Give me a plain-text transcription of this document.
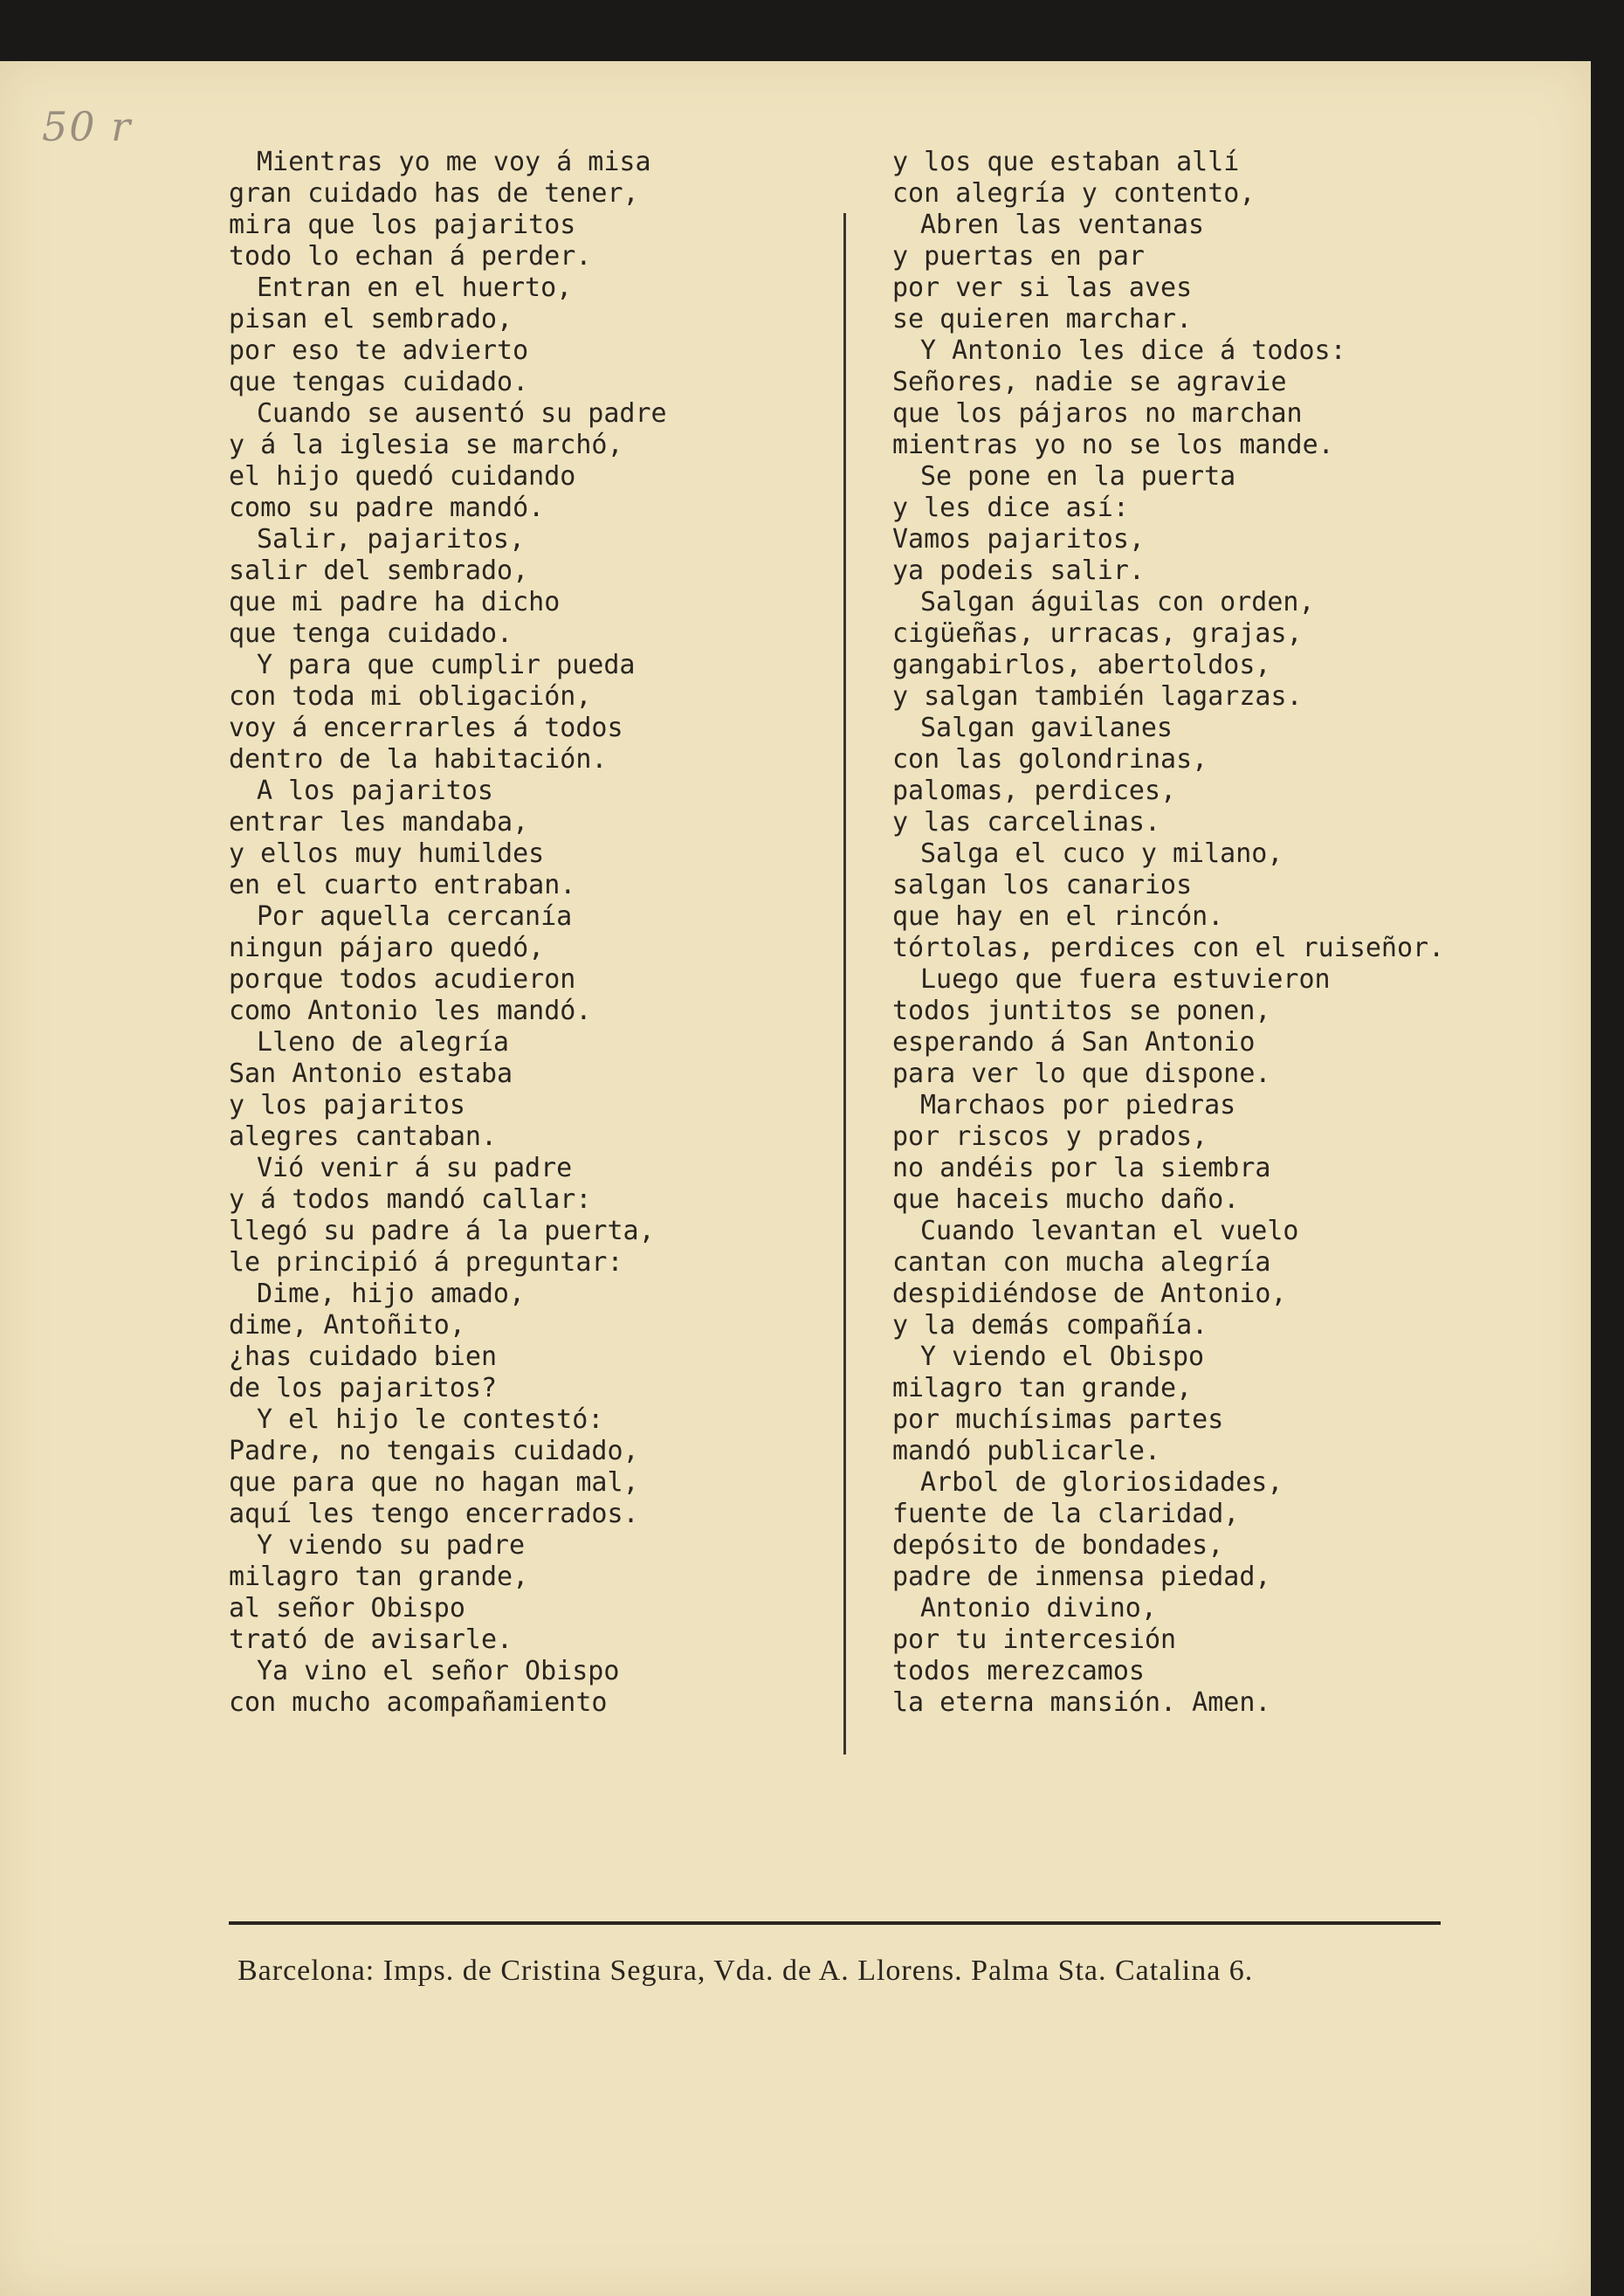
50 r
Mientras yo me voy á misa
gran cuidado has de tener,
mira que los pajaritos
todo lo echan á perder.
Entran en el huerto,
pisan el sembrado,
por eso te advierto
que tengas cuidado.
Cuando se ausentó su padre
y á la iglesia se marchó,
el hijo quedó cuidando
como su padre mandó.
Salir, pajaritos,
salir del sembrado,
que mi padre ha dicho
que tenga cuidado.
Y para que cumplir pueda
con toda mi obligación,
voy á encerrarles á todos
dentro de la habitación.
A los pajaritos
entrar les mandaba,
y ellos muy humildes
en el cuarto entraban.
Por aquella cercanía
ningun pájaro quedó,
porque todos acudieron
como Antonio les mandó.
Lleno de alegría
San Antonio estaba
y los pajaritos
alegres cantaban.
Vió venir á su padre
y á todos mandó callar:
llegó su padre á la puerta,
le principió á preguntar:
Dime, hijo amado,
dime, Antoñito,
¿has cuidado bien
de los pajaritos?
Y el hijo le contestó:
Padre, no tengais cuidado,
que para que no hagan mal,
aquí les tengo encerrados.
Y viendo su padre
milagro tan grande,
al señor Obispo
trató de avisarle.
Ya vino el señor Obispo
con mucho acompañamiento
y los que estaban allí
con alegría y contento,
Abren las ventanas
y puertas en par
por ver si las aves
se quieren marchar.
Y Antonio les dice á todos:
Señores, nadie se agravie
que los pájaros no marchan
mientras yo no se los mande.
Se pone en la puerta
y les dice así:
Vamos pajaritos,
ya podeis salir.
Salgan águilas con orden,
cigüeñas, urracas, grajas,
gangabirlos, abertoldos,
y salgan también lagarzas.
Salgan gavilanes
con las golondrinas,
palomas, perdices,
y las carcelinas.
Salga el cuco y milano,
salgan los canarios
que hay en el rincón.
tórtolas, perdices con el ruiseñor.
Luego que fuera estuvieron
todos juntitos se ponen,
esperando á San Antonio
para ver lo que dispone.
Marchaos por piedras
por riscos y prados,
no andéis por la siembra
que haceis mucho daño.
Cuando levantan el vuelo
cantan con mucha alegría
despidiéndose de Antonio,
y la demás compañía.
Y viendo el Obispo
milagro tan grande,
por muchísimas partes
mandó publicarle.
Arbol de gloriosidades,
fuente de la claridad,
depósito de bondades,
padre de inmensa piedad,
Antonio divino,
por tu intercesión
todos merezcamos
la eterna mansión. Amen.

Barcelona: Imps. de Cristina Segura, Vda. de A. Llorens. Palma Sta. Catalina 6.
